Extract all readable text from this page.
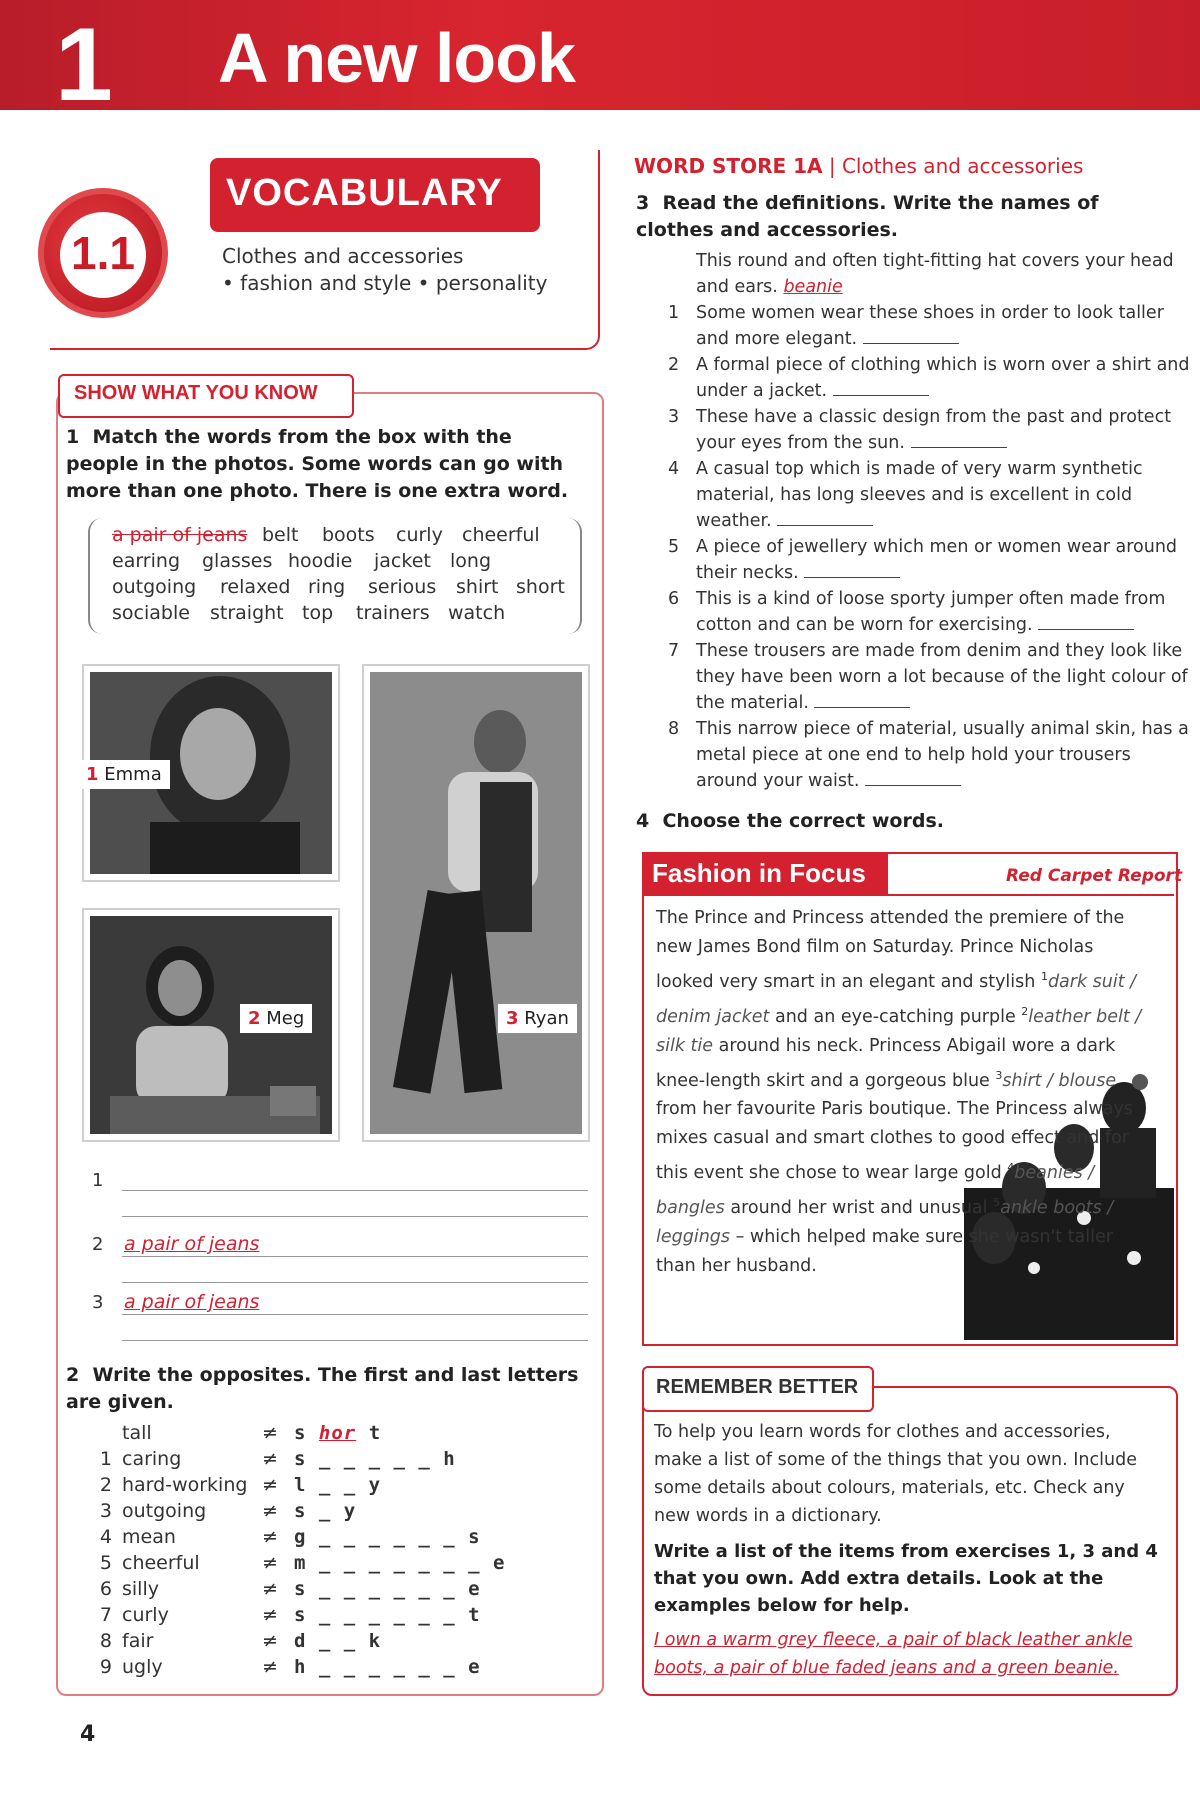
1 A new look
1.1
VOCABULARY
Clothes and accessories
• fashion and style • personality
SHOW WHAT YOU KNOW
1 Match the words from the box with the people in the photos. Some words can go with more than one photo. There is one extra word.
a pair of jeans belt boots curly cheerful
earring glasses hoodie jacket long
outgoing relaxed ring serious shirt short
sociable straight top trainers watch
1 Emma
2 Meg	3 Ryan
1
2 a pair of jeans
3 a pair of jeans
2 Write the opposites. The first and last letters are given.
tall	≠ s hor t
1 caring	≠ s _ _ _ _ _ h
2 hard-working ≠ l _ _ y
3 outgoing	≠ s _ y
4 mean	≠ g _ _ _ _ _ _ s
5 cheerful	≠ m _ _ _ _ _ _ _ e
6 silly	≠ s _ _ _ _ _ _ e
7 curly	≠ s _ _ _ _ _ _ t
8 fair	≠ d _ _ k
9 ugly	≠ h _ _ _ _ _ _ e
4
WORD STORE 1A | Clothes and accessories
3 Read the definitions. Write the names of clothes and accessories.
This round and often tight-fitting hat covers your head and ears. beanie
1 Some women wear these shoes in order to look taller and more elegant.
2 A formal piece of clothing which is worn over a shirt and under a jacket.
3 These have a classic design from the past and protect your eyes from the sun.
4 A casual top which is made of very warm synthetic material, has long sleeves and is excellent in cold weather.
5 A piece of jewellery which men or women wear around their necks.
6 This is a kind of loose sporty jumper often made from cotton and can be worn for exercising.
7 These trousers are made from denim and they look like they have been worn a lot because of the light colour of the material.
8 This narrow piece of material, usually animal skin, has a metal piece at one end to help hold your trousers around your waist.
4 Choose the correct words.
Fashion in Focus	Red Carpet Report
The Prince and Princess attended the premiere of the new James Bond film on Saturday. Prince Nicholas looked very smart in an elegant and stylish $^1$dark suit / denim jacket and an eye-catching purple $^2$leather belt / silk tie around his neck. Princess Abigail wore a dark knee-length skirt and a gorgeous blue $^3$shirt / blouse from her favourite Paris boutique. The Princess always mixes casual and smart clothes to good effect and for this event she chose to wear large gold $^4$beanies / bangles around her wrist and unusual $^5$ankle boots / leggings – which helped make sure she wasn't taller than her husband.
REMEMBER BETTER
To help you learn words for clothes and accessories, make a list of some of the things that you own. Include some details about colours, materials, etc. Check any new words in a dictionary.
Write a list of the items from exercises 1, 3 and 4 that you own. Add extra details. Look at the examples below for help.
I own a warm grey fleece, a pair of black leather ankle boots, a pair of blue faded jeans and a green beanie.
